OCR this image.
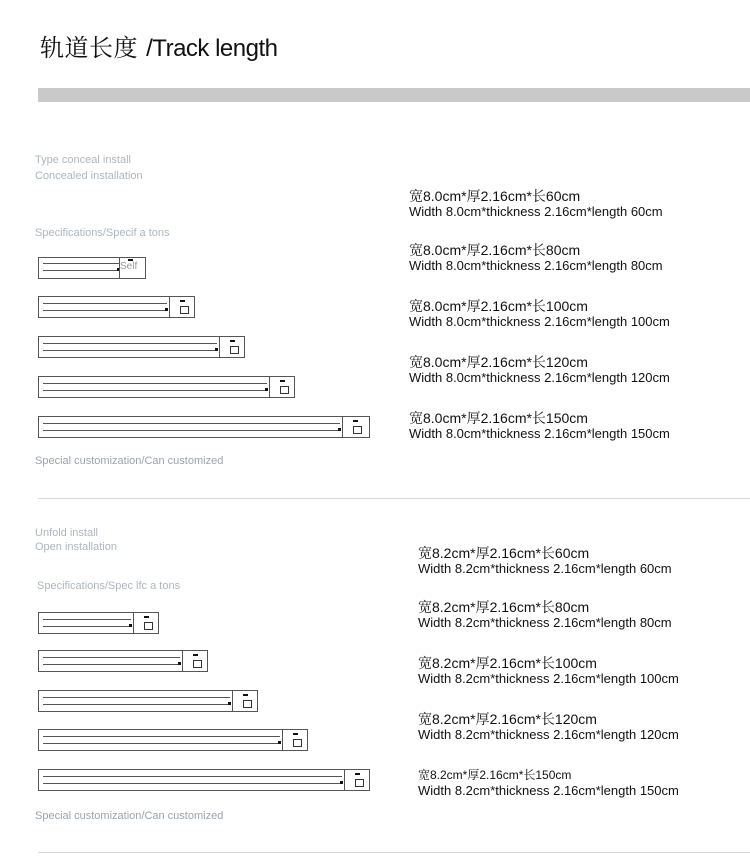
轨道长度 /Track length
Type conceal install
Concealed installation
Specifications/Specif a tons
Self
Special customization/Can customized
宽8.0cm*厚2.16cm*长60cm
Width 8.0cm*thickness 2.16cm*length 60cm
宽8.0cm*厚2.16cm*长80cm
Width 8.0cm*thickness 2.16cm*length 80cm
宽8.0cm*厚2.16cm*长100cm
Width 8.0cm*thickness 2.16cm*length 100cm
宽8.0cm*厚2.16cm*长120cm
Width 8.0cm*thickness 2.16cm*length 120cm
宽8.0cm*厚2.16cm*长150cm
Width 8.0cm*thickness 2.16cm*length 150cm
Unfold install
Open installation
Specifications/Spec lfc a tons
Special customization/Can customized
宽8.2cm*厚2.16cm*长60cm
Width 8.2cm*thickness 2.16cm*length 60cm
宽8.2cm*厚2.16cm*长80cm
Width 8.2cm*thickness 2.16cm*length 80cm
宽8.2cm*厚2.16cm*长100cm
Width 8.2cm*thickness 2.16cm*length 100cm
宽8.2cm*厚2.16cm*长120cm
Width 8.2cm*thickness 2.16cm*length 120cm
宽8.2cm*厚2.16cm*长150cm
Width 8.2cm*thickness 2.16cm*length 150cm
